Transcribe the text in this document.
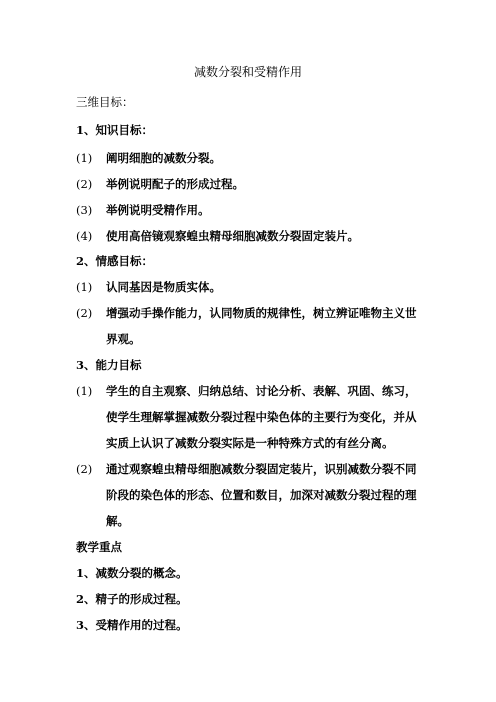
减数分裂和受精作用
三维目标：
1、知识目标：
(1) 阐明细胞的减数分裂。
(2) 举例说明配子的形成过程。
(3) 举例说明受精作用。
(4) 使用高倍镜观察蝗虫精母细胞减数分裂固定装片。
2、情感目标：
(1) 认同基因是物质实体。
(2) 增强动手操作能力，认同物质的规律性，树立辨证唯物主义世
界观。
3、能力目标
(1) 学生的自主观察、归纳总结、讨论分析、表解、巩固、练习，
使学生理解掌握减数分裂过程中染色体的主要行为变化，并从
实质上认识了减数分裂实际是一种特殊方式的有丝分离。
(2) 通过观察蝗虫精母细胞减数分裂固定装片，识别减数分裂不同
阶段的染色体的形态、位置和数目，加深对减数分裂过程的理
解。
教学重点
1、减数分裂的概念。
2、精子的形成过程。
3、受精作用的过程。
